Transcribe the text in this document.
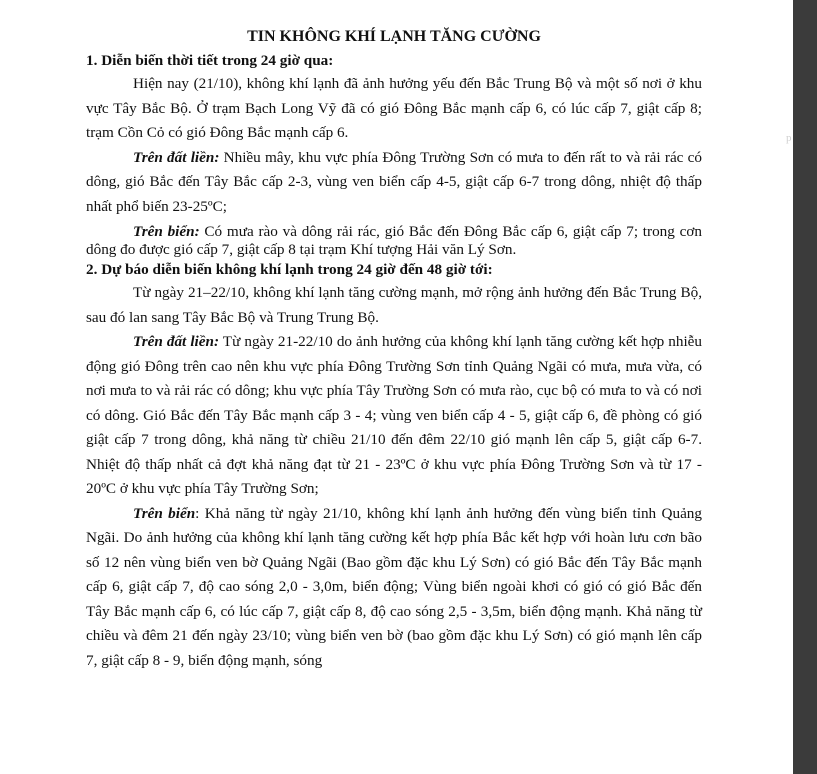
TIN KHÔNG KHÍ LẠNH TĂNG CƯỜNG
1. Diễn biến thời tiết trong 24 giờ qua:

Hiện nay (21/10), không khí lạnh đã ảnh hưởng yếu đến Bắc Trung Bộ và một số nơi ở khu vực Tây Bắc Bộ. Ở trạm Bạch Long Vỹ đã có gió Đông Bắc mạnh cấp 6, có lúc cấp 7, giật cấp 8; trạm Cồn Cỏ có gió Đông Bắc mạnh cấp 6.

Trên đất liền: Nhiều mây, khu vực phía Đông Trường Sơn có mưa to đến rất to và rải rác có dông, gió Bắc đến Tây Bắc cấp 2-3, vùng ven biển cấp 4-5, giật cấp 6-7 trong dông, nhiệt độ thấp nhất phổ biến 23-25ºC;

Trên biển: Có mưa rào và dông rải rác, gió Bắc đến Đông Bắc cấp 6, giật cấp 7; trong cơn dông đo được gió cấp 7, giật cấp 8 tại trạm Khí tượng Hải văn Lý Sơn.

2. Dự báo diễn biến không khí lạnh trong 24 giờ đến 48 giờ tới:

Từ ngày 21–22/10, không khí lạnh tăng cường mạnh, mở rộng ảnh hưởng đến Bắc Trung Bộ, sau đó lan sang Tây Bắc Bộ và Trung Trung Bộ.

Trên đất liền: Từ ngày 21-22/10 do ảnh hưởng của không khí lạnh tăng cường kết hợp nhiễu động gió Đông trên cao nên khu vực phía Đông Trường Sơn tỉnh Quảng Ngãi có mưa, mưa vừa, có nơi mưa to và rải rác có dông; khu vực phía Tây Trường Sơn có mưa rào, cục bộ có mưa to và có nơi có dông. Gió Bắc đến Tây Bắc mạnh cấp 3 - 4; vùng ven biển cấp 4 - 5, giật cấp 6, đề phòng có gió giật cấp 7 trong dông, khả năng từ chiều 21/10 đến đêm 22/10 gió mạnh lên cấp 5, giật cấp 6-7. Nhiệt độ thấp nhất cả đợt khả năng đạt từ 21 - 23ºC ở khu vực phía Đông Trường Sơn và từ 17 - 20ºC ở khu vực phía Tây Trường Sơn;

Trên biển: Khả năng từ ngày 21/10, không khí lạnh ảnh hưởng đến vùng biển tỉnh Quảng Ngãi. Do ảnh hưởng của không khí lạnh tăng cường kết hợp phía Bắc kết hợp với hoàn lưu cơn bão số 12 nên vùng biển ven bờ Quảng Ngãi (Bao gồm đặc khu Lý Sơn) có gió Bắc đến Tây Bắc mạnh cấp 6, giật cấp 7, độ cao sóng 2,0 - 3,0m, biển động; Vùng biển ngoài khơi có gió có gió Bắc đến Tây Bắc mạnh cấp 6, có lúc cấp 7, giật cấp 8, độ cao sóng 2,5 - 3,5m, biển động mạnh. Khả năng từ chiều và đêm 21 đến ngày 23/10; vùng biển ven bờ (bao gồm đặc khu Lý Sơn) có gió mạnh lên cấp 7, giật cấp 8 - 9, biển động mạnh, sóng

p
